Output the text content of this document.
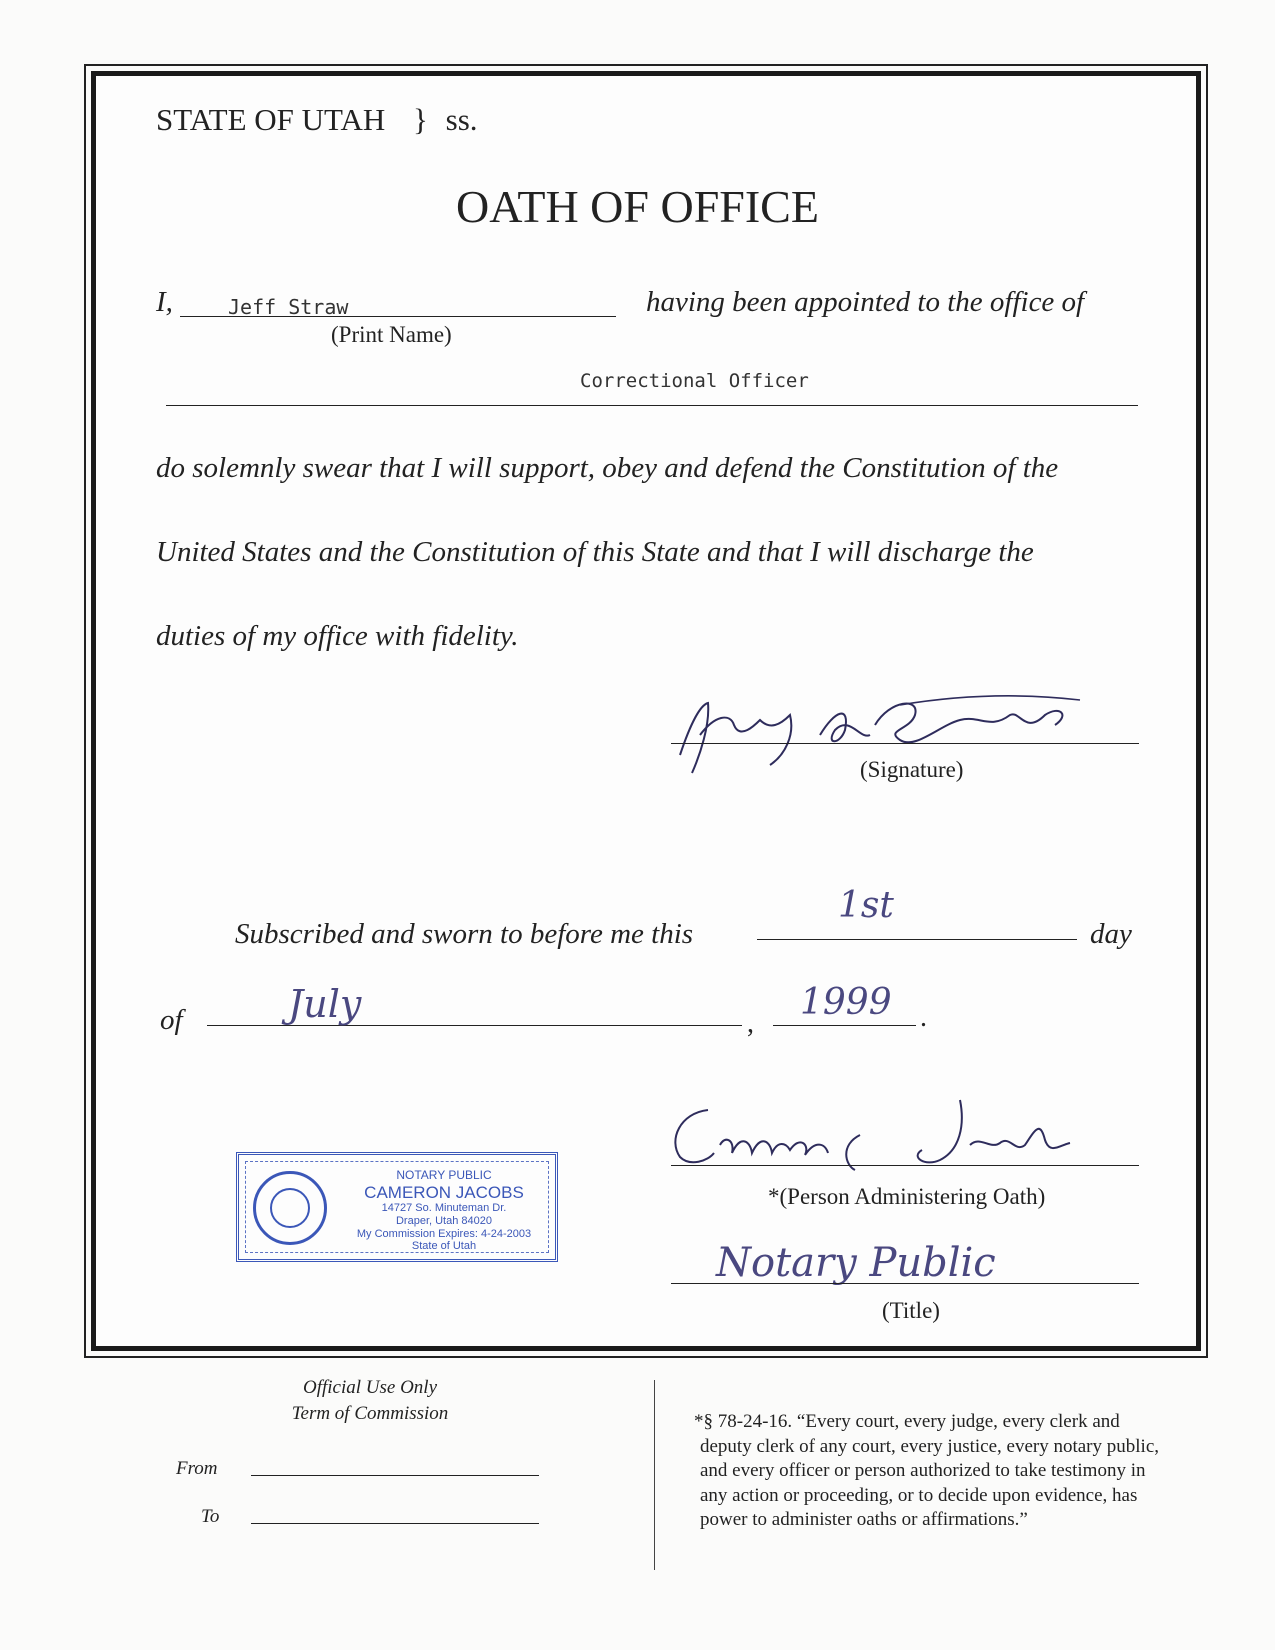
STATE OF UTAH } ss.
OATH OF OFFICE
I,	Jeff Straw
(Print Name)
having been appointed to the office of
Correctional Officer
do solemnly swear that I will support, obey and defend the Constitution of the
United States and the Constitution of this State and that I will discharge the
duties of my office with fidelity.
(Signature)
Subscribed and sworn to before me this
1st
day
of	July	,
1999 .
*(Person Administering Oath)
Notary Public
(Title)
NOTARY PUBLIC
CAMERON JACOBS
14727 So. Minuteman Dr.
Draper, Utah 84020
My Commission Expires: 4-24-2003
State of Utah
Official Use Only
Term of Commission
From
To
*§ 78-24-16. “Every court, every judge, every clerk and
deputy clerk of any court, every justice, every notary public,
and every officer or person authorized to take testimony in
any action or proceeding, or to decide upon evidence, has
power to administer oaths or affirmations.”
